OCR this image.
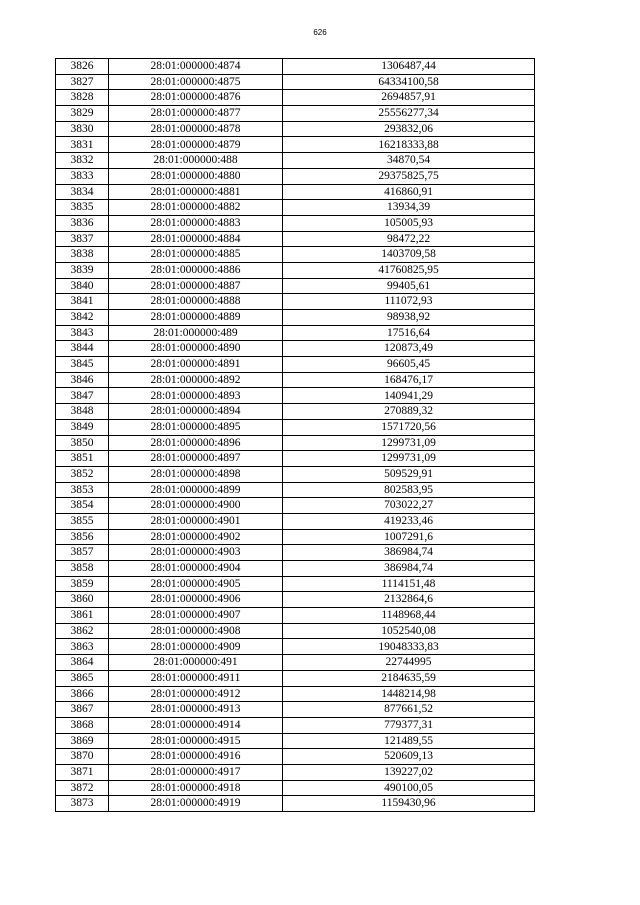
626
3826	28:01:000000:4874	1306487,44
3827	28:01:000000:4875	64334100,58
3828	28:01:000000:4876	2694857,91
3829	28:01:000000:4877	25556277,34
3830	28:01:000000:4878	293832,06
3831	28:01:000000:4879	16218333,88
3832	28:01:000000:488	34870,54
3833	28:01:000000:4880	29375825,75
3834	28:01:000000:4881	416860,91
3835	28:01:000000:4882	13934,39
3836	28:01:000000:4883	105005,93
3837	28:01:000000:4884	98472,22
3838	28:01:000000:4885	1403709,58
3839	28:01:000000:4886	41760825,95
3840	28:01:000000:4887	99405,61
3841	28:01:000000:4888	111072,93
3842	28:01:000000:4889	98938,92
3843	28:01:000000:489	17516,64
3844	28:01:000000:4890	120873,49
3845	28:01:000000:4891	96605,45
3846	28:01:000000:4892	168476,17
3847	28:01:000000:4893	140941,29
3848	28:01:000000:4894	270889,32
3849	28:01:000000:4895	1571720,56
3850	28:01:000000:4896	1299731,09
3851	28:01:000000:4897	1299731,09
3852	28:01:000000:4898	509529,91
3853	28:01:000000:4899	802583,95
3854	28:01:000000:4900	703022,27
3855	28:01:000000:4901	419233,46
3856	28:01:000000:4902	1007291,6
3857	28:01:000000:4903	386984,74
3858	28:01:000000:4904	386984,74
3859	28:01:000000:4905	1114151,48
3860	28:01:000000:4906	2132864,6
3861	28:01:000000:4907	1148968,44
3862	28:01:000000:4908	1052540,08
3863	28:01:000000:4909	19048333,83
3864	28:01:000000:491	22744995
3865	28:01:000000:4911	2184635,59
3866	28:01:000000:4912	1448214,98
3867	28:01:000000:4913	877661,52
3868	28:01:000000:4914	779377,31
3869	28:01:000000:4915	121489,55
3870	28:01:000000:4916	520609,13
3871	28:01:000000:4917	139227,02
3872	28:01:000000:4918	490100,05
3873	28:01:000000:4919	1159430,96
